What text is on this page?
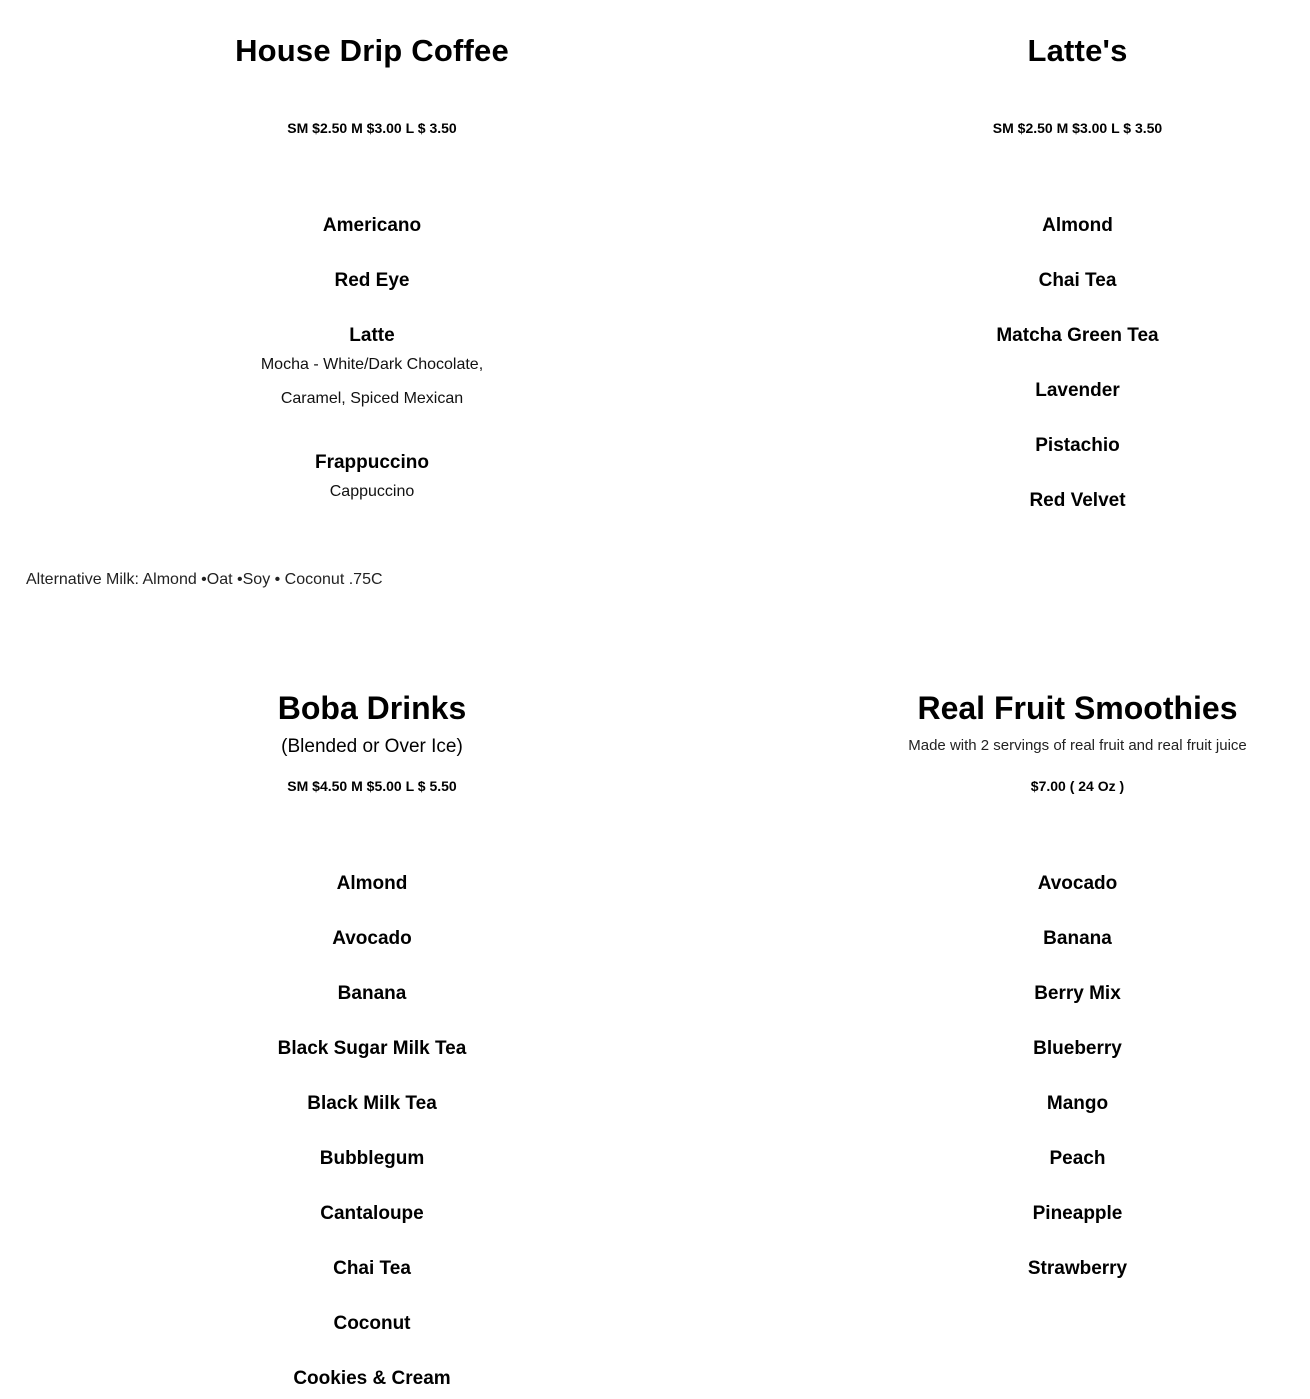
House Drip Coffee
SM $2.50 M $3.00 L $ 3.50
Americano
Red Eye
Latte
Mocha - White/Dark Chocolate,
Caramel, Spiced Mexican
Frappuccino
Cappuccino
Latte's
SM $2.50 M $3.00 L $ 3.50
Almond
Chai Tea
Matcha Green Tea
Lavender
Pistachio
Red Velvet
Alternative Milk: Almond •Oat •Soy • Coconut .75C
Boba Drinks
(Blended or Over Ice)
SM $4.50 M $5.00 L $ 5.50
Almond
Avocado
Banana
Black Sugar Milk Tea
Black Milk Tea
Bubblegum
Cantaloupe
Chai Tea
Coconut
Cookies & Cream
Real Fruit Smoothies
Made with 2 servings of real fruit and real fruit juice
$7.00 ( 24 Oz )
Avocado
Banana
Berry Mix
Blueberry
Mango
Peach
Pineapple
Strawberry
